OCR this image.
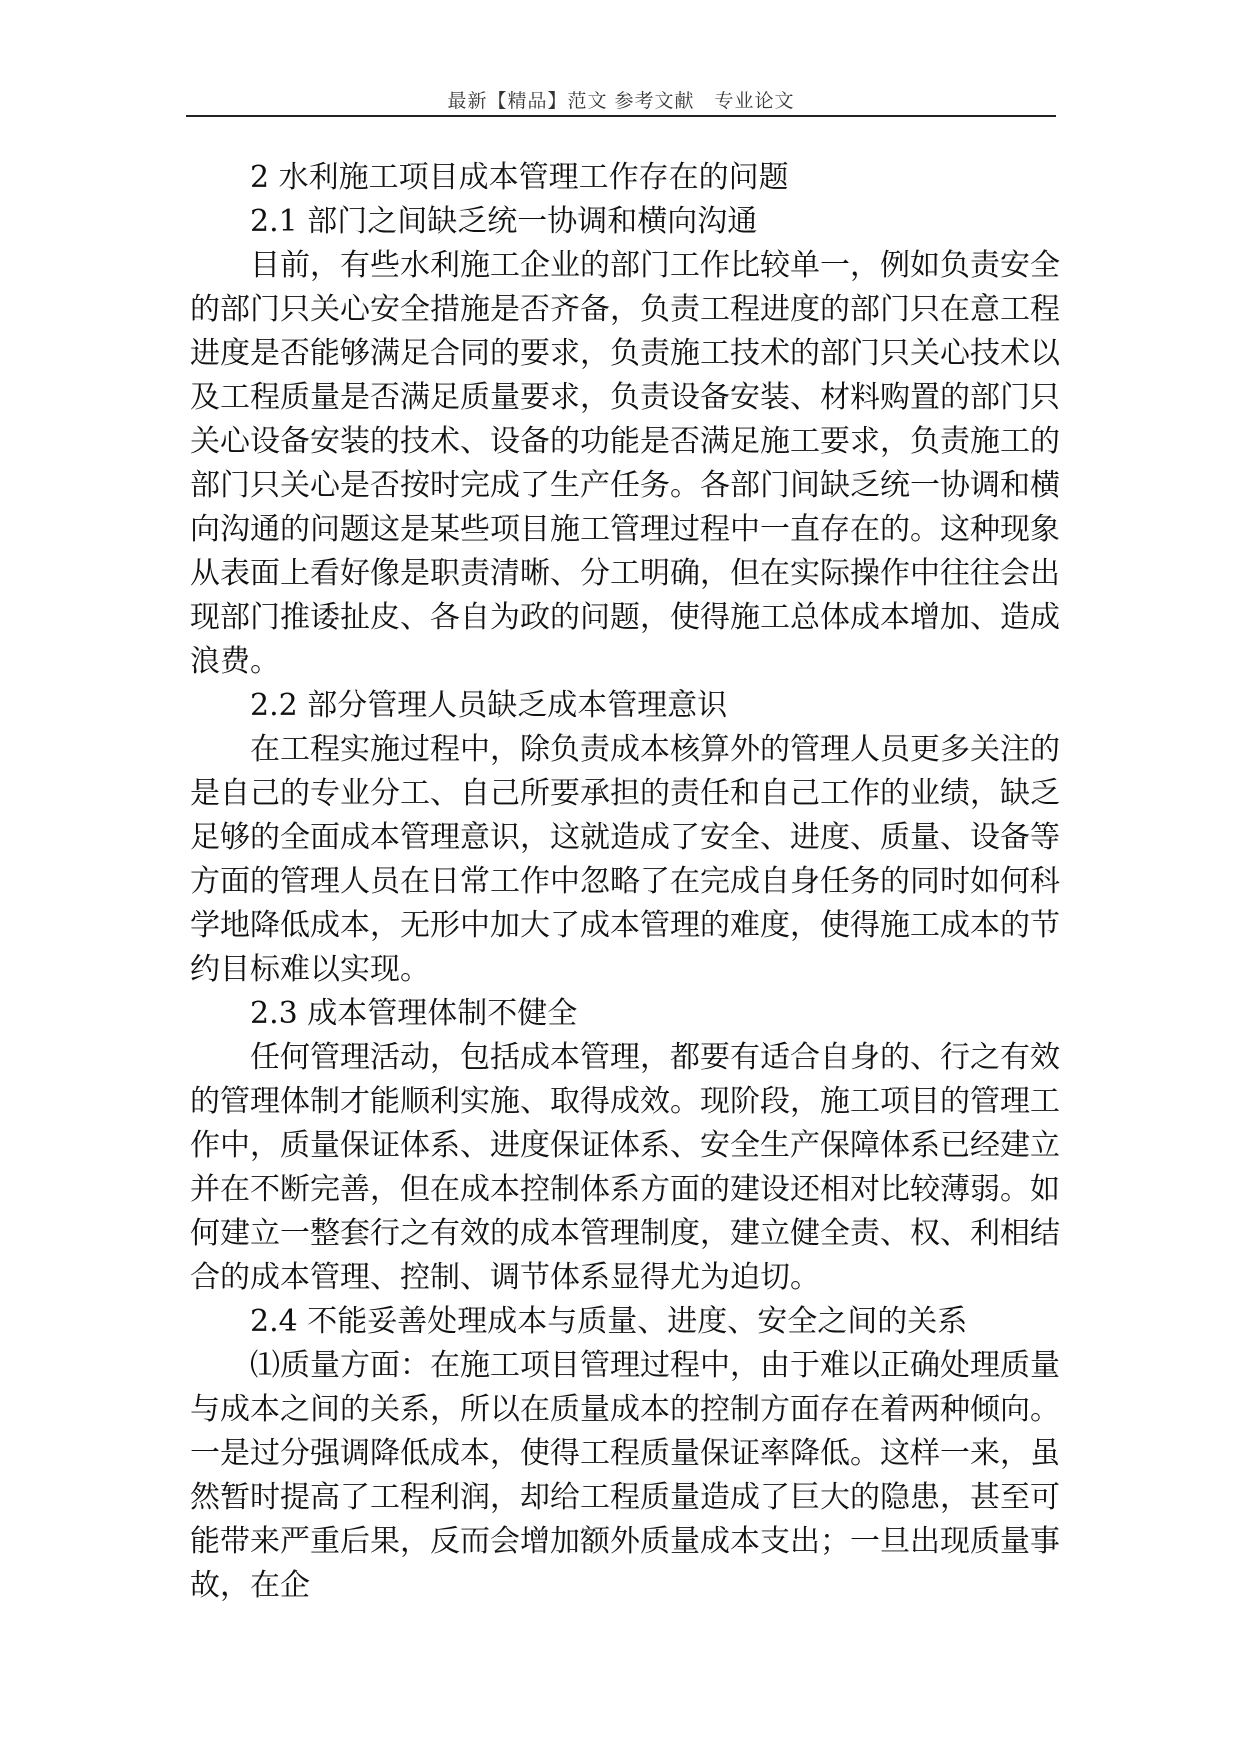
最新【精品】范文 参考文献　专业论文

2 水利施工项目成本管理工作存在的问题

2.1 部门之间缺乏统一协调和横向沟通

目前，有些水利施工企业的部门工作比较单一，例如负责安全的部门只关心安全措施是否齐备，负责工程进度的部门只在意工程进度是否能够满足合同的要求，负责施工技术的部门只关心技术以及工程质量是否满足质量要求，负责设备安装、材料购置的部门只关心设备安装的技术、设备的功能是否满足施工要求，负责施工的部门只关心是否按时完成了生产任务。各部门间缺乏统一协调和横向沟通的问题这是某些项目施工管理过程中一直存在的。这种现象从表面上看好像是职责清晰、分工明确，但在实际操作中往往会出现部门推诿扯皮、各自为政的问题，使得施工总体成本增加、造成浪费。

2.2 部分管理人员缺乏成本管理意识

在工程实施过程中，除负责成本核算外的管理人员更多关注的是自己的专业分工、自己所要承担的责任和自己工作的业绩，缺乏足够的全面成本管理意识，这就造成了安全、进度、质量、设备等方面的管理人员在日常工作中忽略了在完成自身任务的同时如何科学地降低成本，无形中加大了成本管理的难度，使得施工成本的节约目标难以实现。

2.3 成本管理体制不健全

任何管理活动，包括成本管理，都要有适合自身的、行之有效的管理体制才能顺利实施、取得成效。现阶段，施工项目的管理工作中，质量保证体系、进度保证体系、安全生产保障体系已经建立并在不断完善，但在成本控制体系方面的建设还相对比较薄弱。如何建立一整套行之有效的成本管理制度，建立健全责、权、利相结合的成本管理、控制、调节体系显得尤为迫切。

2.4 不能妥善处理成本与质量、进度、安全之间的关系

⑴质量方面：在施工项目管理过程中，由于难以正确处理质量与成本之间的关系，所以在质量成本的控制方面存在着两种倾向。一是过分强调降低成本，使得工程质量保证率降低。这样一来，虽然暂时提高了工程利润，却给工程质量造成了巨大的隐患，甚至可能带来严重后果，反而会增加额外质量成本支出；一旦出现质量事故，在企
